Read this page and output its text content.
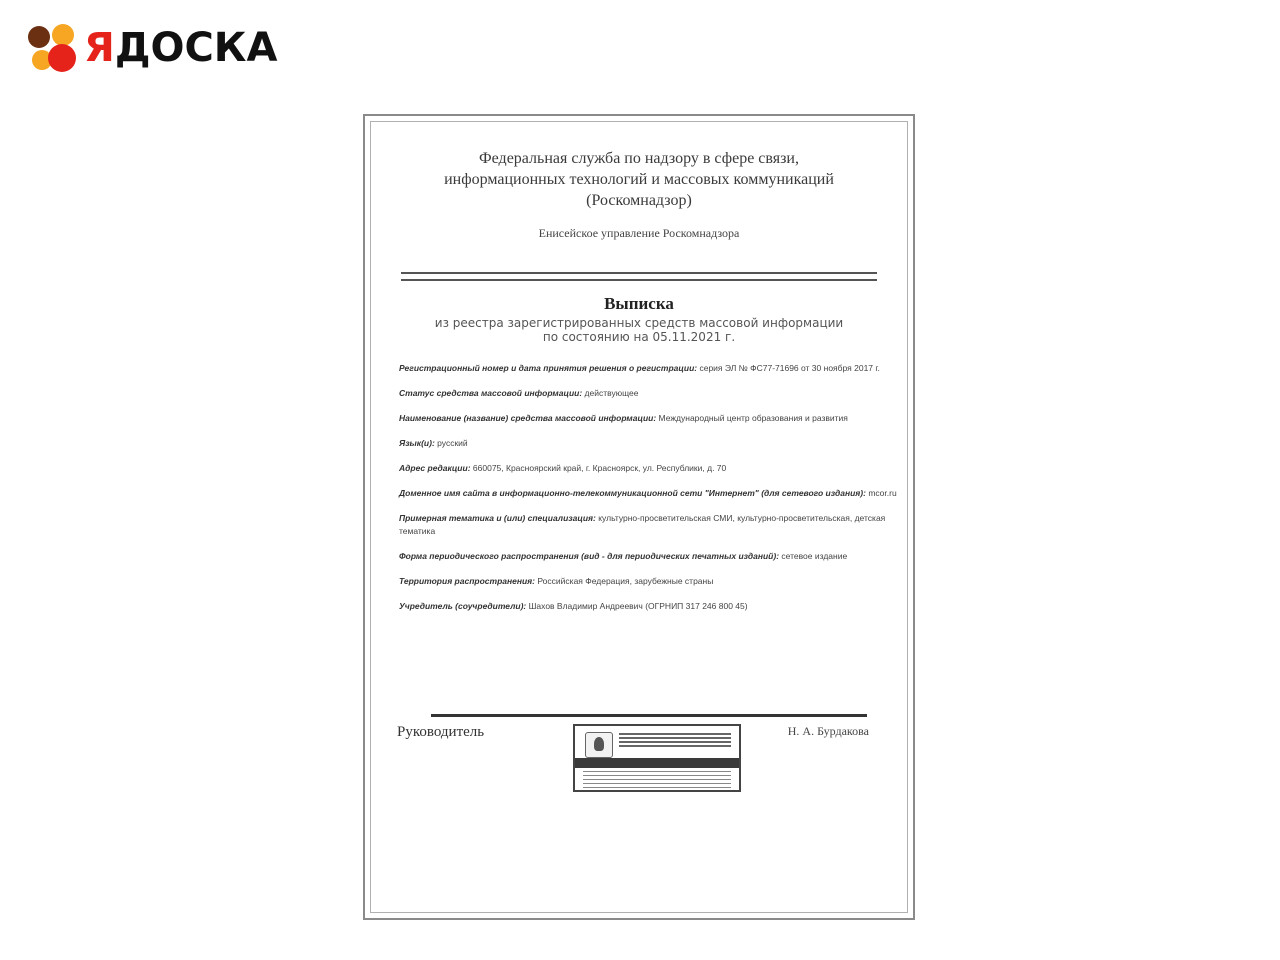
ЯДОСКА
Федеральная служба по надзору в сфере связи,
информационных технологий и массовых коммуникаций
(Роскомнадзор)
Енисейское управление Роскомнадзора
Выписка
из реестра зарегистрированных средств массовой информации
по состоянию на 05.11.2021 г.
Регистрационный номер и дата принятия решения о регистрации: серия ЭЛ № ФС77-71696 от 30 ноября 2017 г.
Статус средства массовой информации: действующее
Наименование (название) средства массовой информации: Международный центр образования и развития
Язык(и): русский
Адрес редакции: 660075, Красноярский край, г. Красноярск, ул. Республики, д. 70
Доменное имя сайта в информационно-телекоммуникационной сети "Интернет" (для сетевого издания): mcor.ru
Примерная тематика и (или) специализация: культурно-просветительская СМИ, культурно-просветительская, детская тематика
Форма периодического распространения (вид - для периодических печатных изданий): сетевое издание
Территория распространения: Российская Федерация, зарубежные страны
Учредитель (соучредители): Шахов Владимир Андреевич (ОГРНИП 317 246 800 45)
Руководитель	Н. А. Бурдакова
